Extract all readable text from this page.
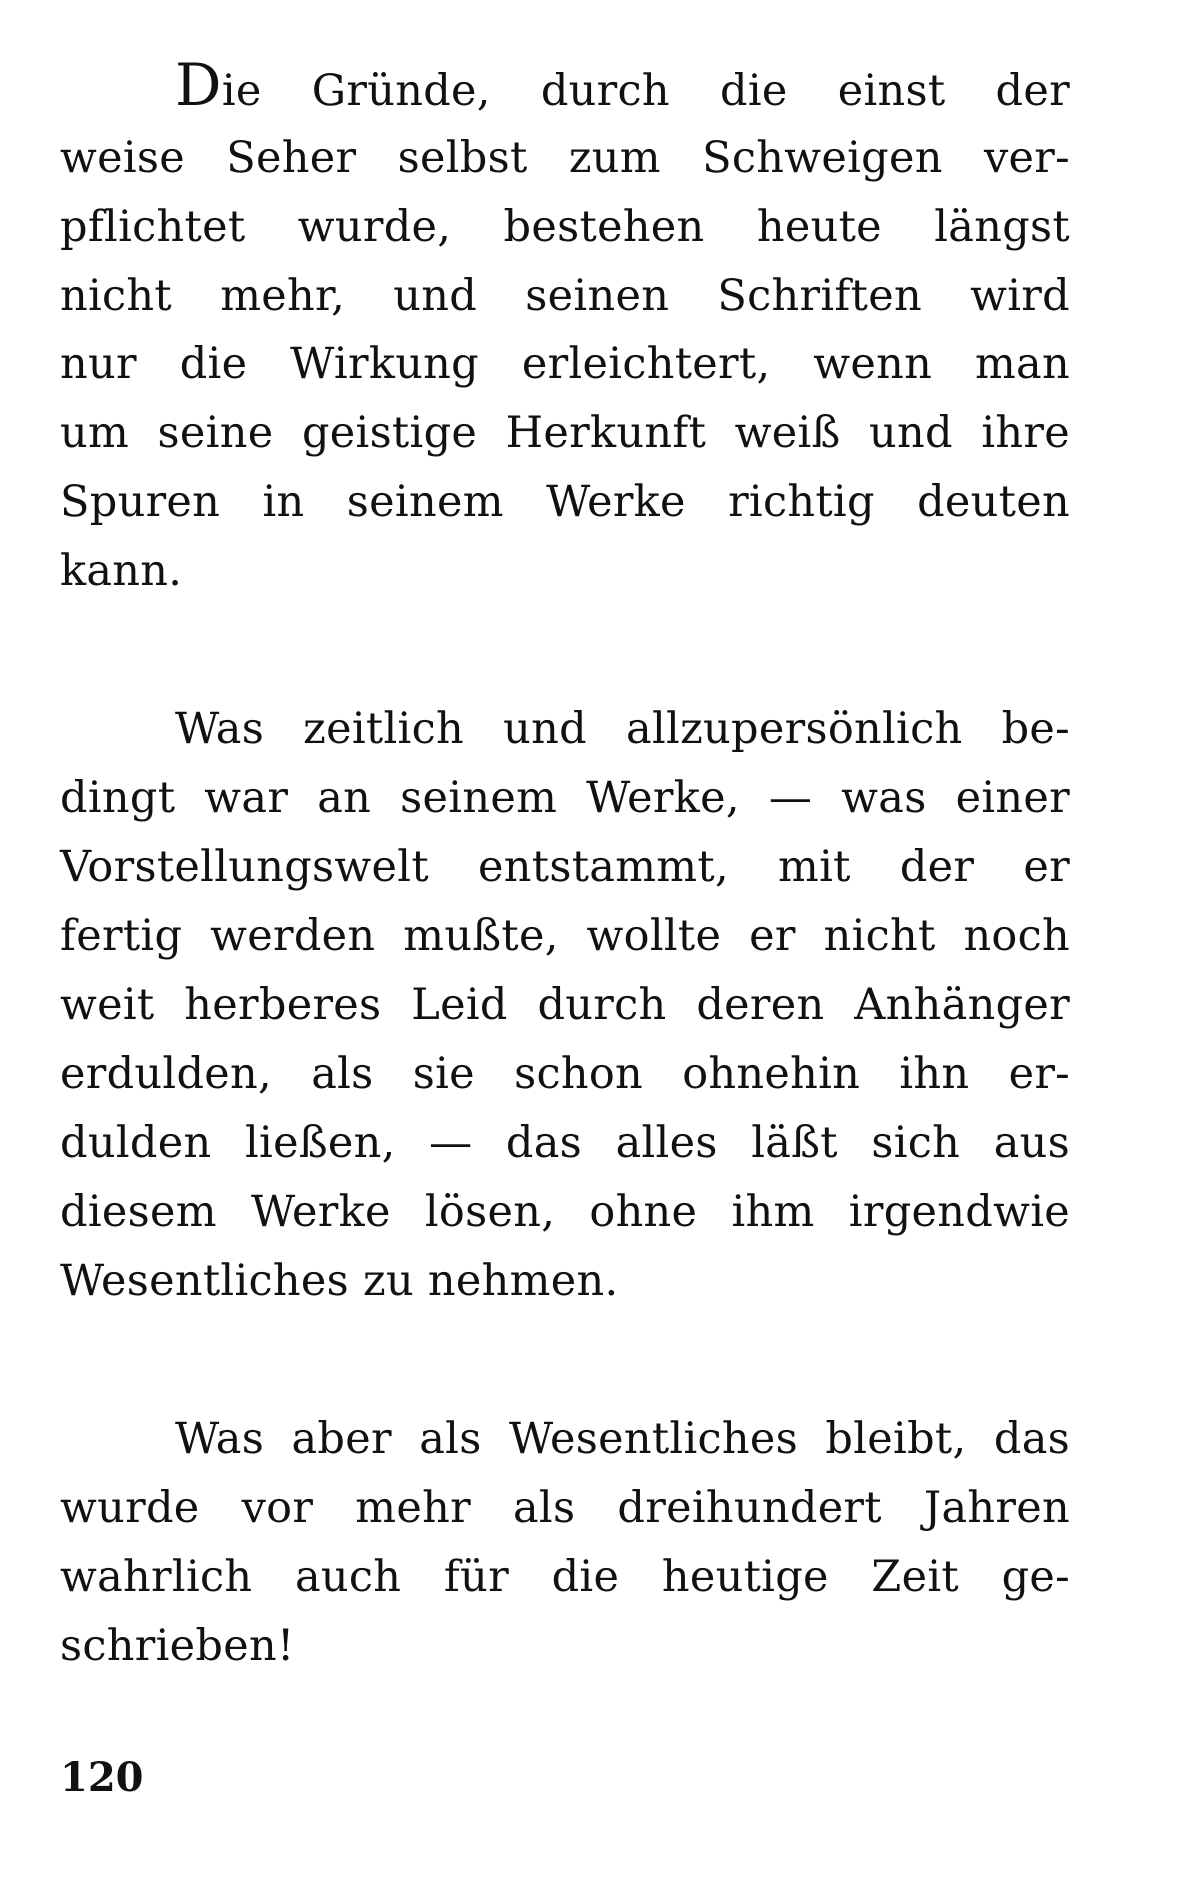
Die Gründe, durch die einst der
weise Seher selbst zum Schweigen ver-
pflichtet wurde, bestehen heute längst
nicht mehr, und seinen Schriften wird
nur die Wirkung erleichtert, wenn man
um seine geistige Herkunft weiß und ihre
Spuren in seinem Werke richtig deuten
kann.
Was zeitlich und allzupersönlich be-
dingt war an seinem Werke, — was einer
Vorstellungswelt entstammt, mit der er
fertig werden mußte, wollte er nicht noch
weit herberes Leid durch deren Anhänger
erdulden, als sie schon ohnehin ihn er-
dulden ließen, — das alles läßt sich aus
diesem Werke lösen, ohne ihm irgendwie
Wesentliches zu nehmen.
Was aber als Wesentliches bleibt, das
wurde vor mehr als dreihundert Jahren
wahrlich auch für die heutige Zeit ge-
schrieben!
120
